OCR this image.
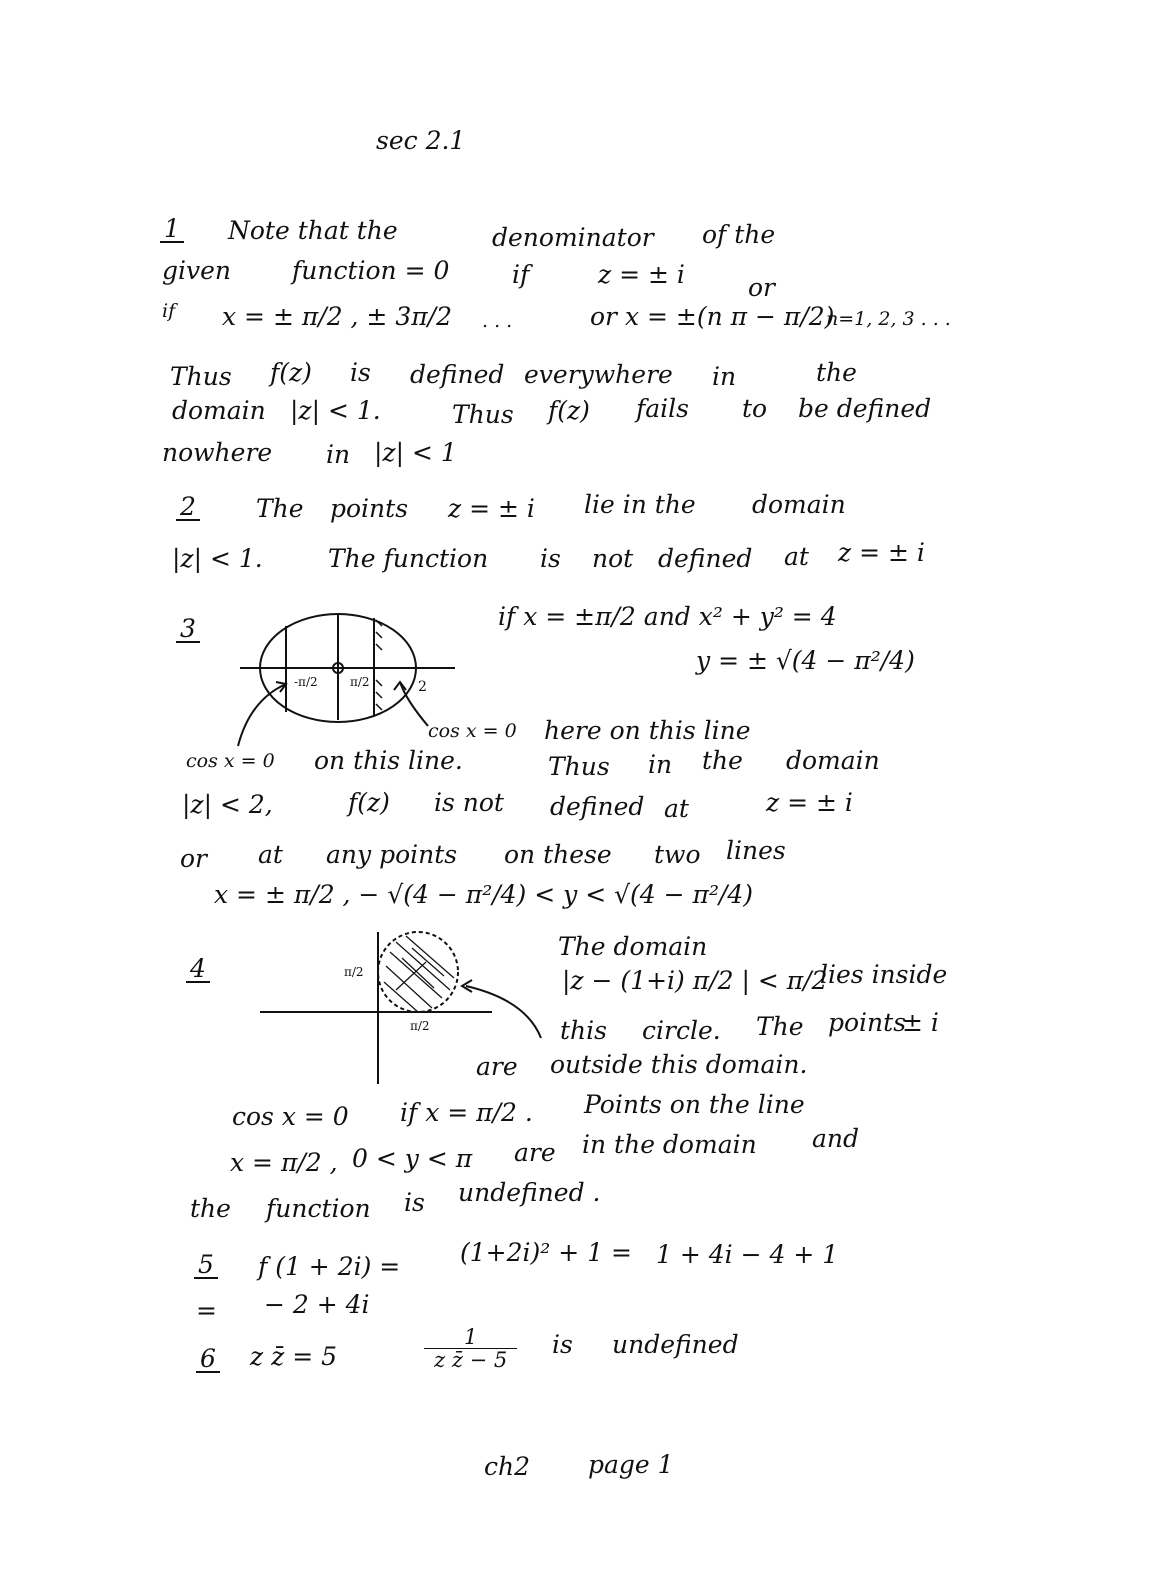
sec 2.1
1 Note that the	denominator of the
given function = 0	if	z = ± i	or
if x = ± π/2 , ± 3π/2 . . .	or x = ±(n π − π/2)
n=1, 2, 3 . . .
Thus f(z) is defined everywhere in	the
domain |z| < 1.	Thus f(z) fails to be defined
nowhere in |z| < 1
2 The points z = ± i lie in the domain
|z| < 1.	The function is not defined at z = ± i
3
-π/2	π/2	2
if x = ±π/2 and x² + y² = 4
y = ± √(4 − π²/4)
cos x = 0 here on this line
cos x = 0 on this line.	Thus in the domain
|z| < 2,	f(z) is not defined at	z = ± i
or at any points on these two lines
x = ± π/2 , − √(4 − π²/4) < y < √(4 − π²/4)
4	π/2
π/2
The domain
|z − (1+i) π/2 | < π/2
lies inside
this circle. The points
± i
are outside this domain.
cos x = 0 if x = π/2 . Points on the line
x = π/2 , 0 < y < π are in the domain and
the function is undefined .
5 f (1 + 2i) = (1+2i)² + 1 = 1 + 4i − 4 + 1
= − 2 + 4i
6 z z̄ = 5	$\frac{1}{\text{z z̄ − 5}}$ is undefined
ch2 page 1
